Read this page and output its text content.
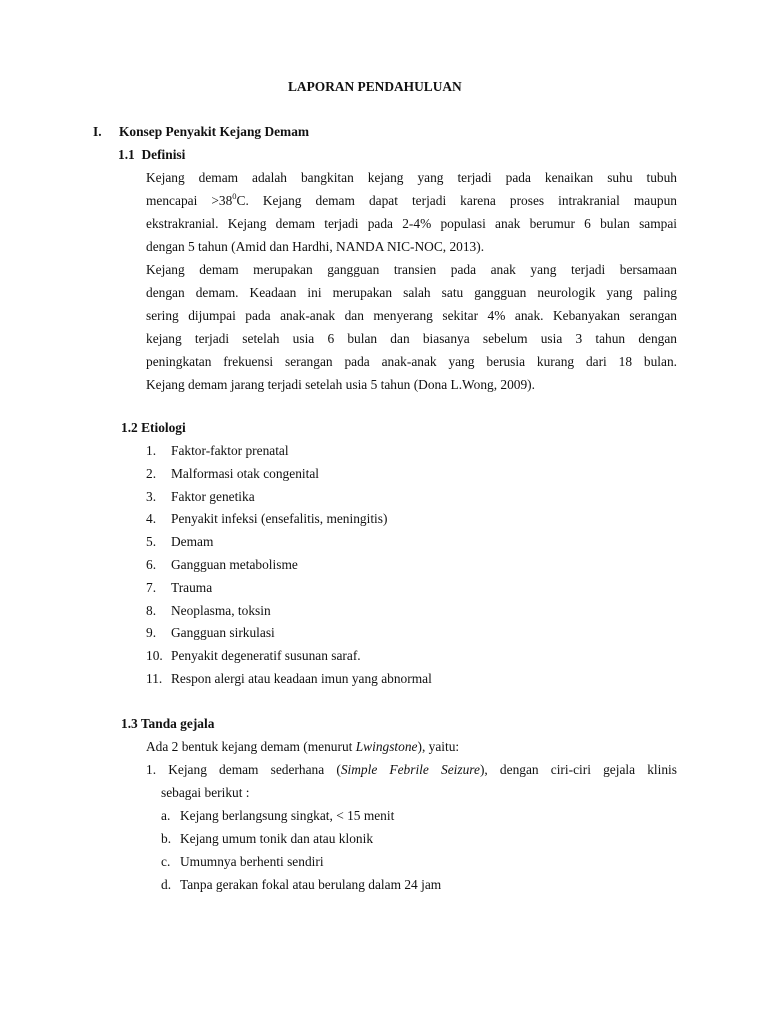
LAPORAN PENDAHULUAN
I. Konsep Penyakit Kejang Demam
1.1 Definisi
Kejang demam adalah bangkitan kejang yang terjadi pada kenaikan suhu tubuh
mencapai $>38^0C$. Kejang demam dapat terjadi karena proses intrakranial maupun
ekstrakranial. Kejang demam terjadi pada 2-4% populasi anak berumur 6 bulan sampai
dengan 5 tahun (Amid dan Hardhi, NANDA NIC-NOC, 2013).
Kejang demam merupakan gangguan transien pada anak yang terjadi bersamaan
dengan demam. Keadaan ini merupakan salah satu gangguan neurologik yang paling
sering dijumpai pada anak-anak dan menyerang sekitar 4% anak. Kebanyakan serangan
kejang terjadi setelah usia 6 bulan dan biasanya sebelum usia 3 tahun dengan
peningkatan frekuensi serangan pada anak-anak yang berusia kurang dari 18 bulan.
Kejang demam jarang terjadi setelah usia 5 tahun (Dona L.Wong, 2009).
1.2 Etiologi
1. Faktor-faktor prenatal
2. Malformasi otak congenital
3. Faktor genetika
4. Penyakit infeksi (ensefalitis, meningitis)
5. Demam
6. Gangguan metabolisme
7. Trauma
8. Neoplasma, toksin
9. Gangguan sirkulasi
10. Penyakit degeneratif susunan saraf.
11. Respon alergi atau keadaan imun yang abnormal
1.3 Tanda gejala
Ada 2 bentuk kejang demam (menurut Lwingstone), yaitu:
1. Kejang demam sederhana (Simple Febrile Seizure), dengan ciri-ciri gejala klinis
sebagai berikut :
a. Kejang berlangsung singkat, < 15 menit
b. Kejang umum tonik dan atau klonik
c. Umumnya berhenti sendiri
d. Tanpa gerakan fokal atau berulang dalam 24 jam
